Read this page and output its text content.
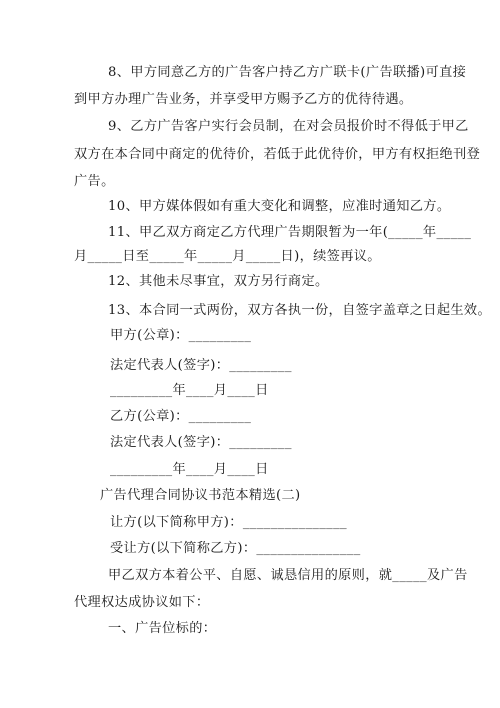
8、甲方同意乙方的广告客户持乙方广联卡(广告联播)可直接
到甲方办理广告业务，并享受甲方赐予乙方的优待待遇。
9、乙方广告客户实行会员制，在对会员报价时不得低于甲乙
双方在本合同中商定的优待价，若低于此优待价，甲方有权拒绝刊登
广告。
10、甲方媒体假如有重大变化和调整，应准时通知乙方。
11、甲乙双方商定乙方代理广告期限暂为一年(_____年_____
月_____日至_____年_____月_____日)，续签再议。
12、其他未尽事宜，双方另行商定。
13、本合同一式两份，双方各执一份，自签字盖章之日起生效。
甲方(公章)：_________
法定代表人(签字)：_________
_________年____月____日
乙方(公章)：_________
法定代表人(签字)：_________
_________年____月____日
广告代理合同协议书范本精选(二)
让方(以下简称甲方)：_______________
受让方(以下简称乙方)：_______________
甲乙双方本着公平、自愿、诚恳信用的原则，就_____及广告
代理权达成协议如下：
一、广告位标的：
